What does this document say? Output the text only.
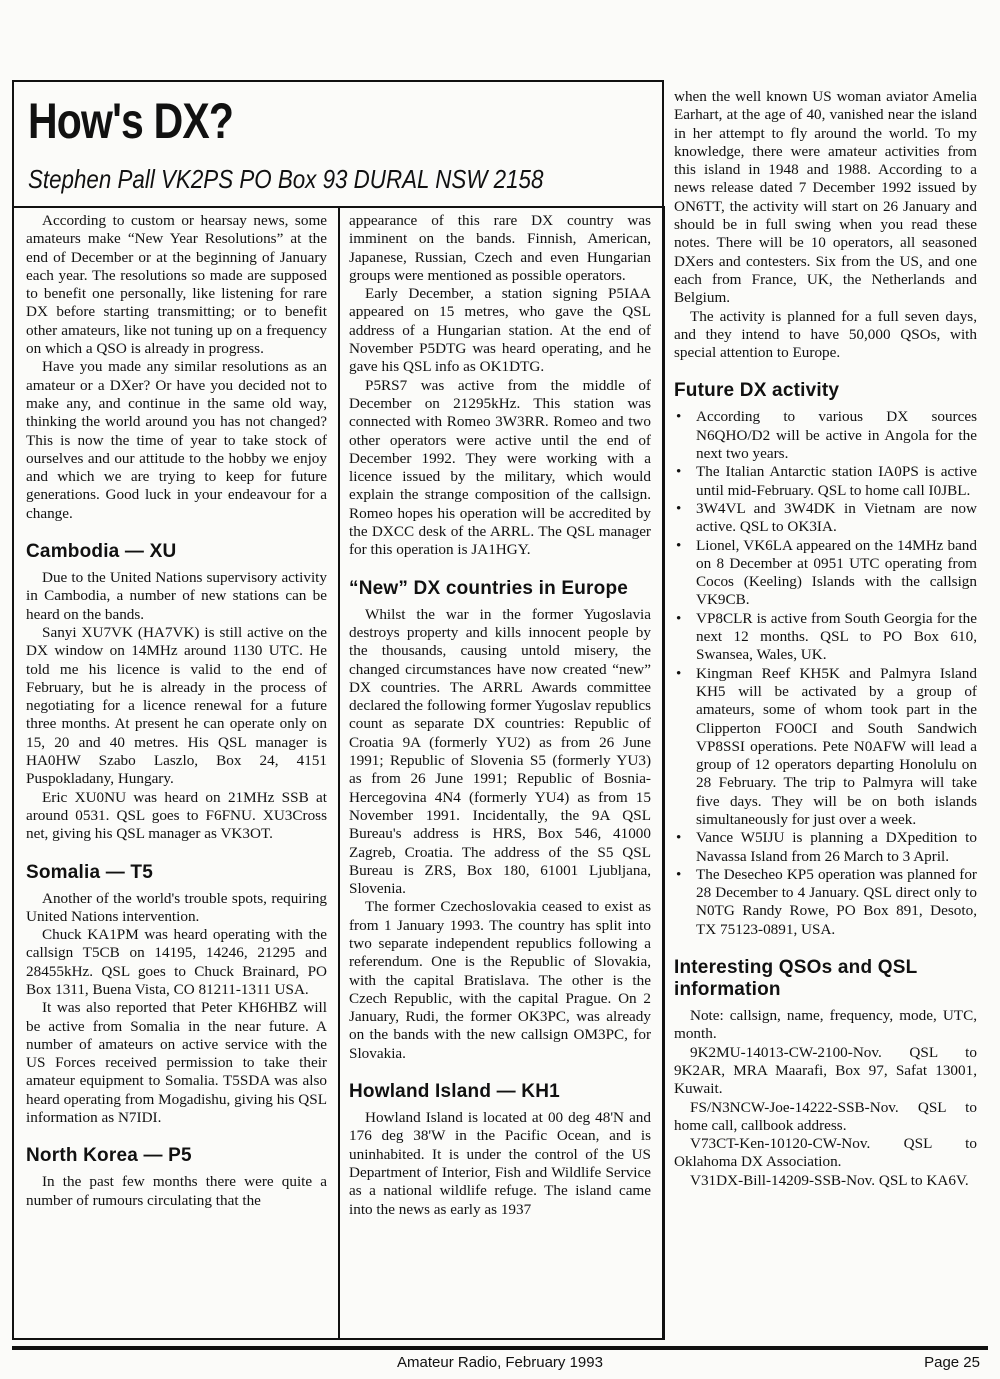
How's DX?
Stephen Pall VK2PS PO Box 93 DURAL NSW 2158

According to custom or hearsay news, some amateurs make “New Year Resolutions” at the end of December or at the beginning of January each year. The resolutions so made are supposed to benefit one personally, like listening for rare DX before starting transmitting; or to benefit other amateurs, like not tuning up on a frequency on which a QSO is already in progress.

Have you made any similar resolutions as an amateur or a DXer? Or have you decided not to make any, and continue in the same old way, thinking the world around you has not changed? This is now the time of year to take stock of ourselves and our attitude to the hobby we enjoy and which we are trying to keep for future generations. Good luck in your endeavour for a change.

Cambodia — XU

Due to the United Nations supervisory activity in Cambodia, a number of new stations can be heard on the bands.

Sanyi XU7VK (HA7VK) is still active on the DX window on 14MHz around 1130 UTC. He told me his licence is valid to the end of February, but he is already in the process of negotiating for a licence renewal for a future three months. At present he can operate only on 15, 20 and 40 metres. His QSL manager is HA0HW Szabo Laszlo, Box 24, 4151 Puspokladany, Hungary.

Eric XU0NU was heard on 21MHz SSB at around 0531. QSL goes to F6FNU. XU3Cross net, giving his QSL manager as VK3OT.

Somalia — T5

Another of the world's trouble spots, requiring United Nations intervention.

Chuck KA1PM was heard operating with the callsign T5CB on 14195, 14246, 21295 and 28455kHz. QSL goes to Chuck Brainard, PO Box 1311, Buena Vista, CO 81211-1311 USA.

It was also reported that Peter KH6HBZ will be active from Somalia in the near future. A number of amateurs on active service with the US Forces received permission to take their amateur equipment to Somalia. T5SDA was also heard operating from Mogadishu, giving his QSL information as N7IDI.

North Korea — P5

In the past few months there were quite a number of rumours circulating that the

appearance of this rare DX country was imminent on the bands. Finnish, American, Japanese, Russian, Czech and even Hungarian groups were mentioned as possible operators.

Early December, a station signing P5IAA appeared on 15 metres, who gave the QSL address of a Hungarian station. At the end of November P5DTG was heard operating, and he gave his QSL info as OK1DTG.

P5RS7 was active from the middle of December on 21295kHz. This station was connected with Romeo 3W3RR. Romeo and two other operators were active until the end of December 1992. They were working with a licence issued by the military, which would explain the strange composition of the callsign. Romeo hopes his operation will be accredited by the DXCC desk of the ARRL. The QSL manager for this operation is JA1HGY.

“New” DX countries in Europe

Whilst the war in the former Yugoslavia destroys property and kills innocent people by the thousands, causing untold misery, the changed circumstances have now created “new” DX countries. The ARRL Awards committee declared the following former Yugoslav republics count as separate DX countries: Republic of Croatia 9A (formerly YU2) as from 26 June 1991; Republic of Slovenia S5 (formerly YU3) as from 26 June 1991; Republic of Bosnia-Hercegovina 4N4 (formerly YU4) as from 15 November 1991. Incidentally, the 9A QSL Bureau's address is HRS, Box 546, 41000 Zagreb, Croatia. The address of the S5 QSL Bureau is ZRS, Box 180, 61001 Ljubljana, Slovenia.

The former Czechoslovakia ceased to exist as from 1 January 1993. The country has split into two separate independent republics following a referendum. One is the Republic of Slovakia, with the capital Bratislava. The other is the Czech Republic, with the capital Prague. On 2 January, Rudi, the former OK3PC, was already on the bands with the new callsign OM3PC, for Slovakia.

Howland Island — KH1

Howland Island is located at 00 deg 48'N and 176 deg 38'W in the Pacific Ocean, and is uninhabited. It is under the control of the US Department of Interior, Fish and Wildlife Service as a national wildlife refuge. The island came into the news as early as 1937

when the well known US woman aviator Amelia Earhart, at the age of 40, vanished near the island in her attempt to fly around the world. To my knowledge, there were amateur activities from this island in 1948 and 1988. According to a news release dated 7 December 1992 issued by ON6TT, the activity will start on 26 January and should be in full swing when you read these notes. There will be 10 operators, all seasoned DXers and contesters. Six from the US, and one each from France, UK, the Netherlands and Belgium.

The activity is planned for a full seven days, and they intend to have 50,000 QSOs, with special attention to Europe.

Future DX activity
• According to various DX sources N6QHO/D2 will be active in Angola for the next two years.
• The Italian Antarctic station IA0PS is active until mid-February. QSL to home call I0JBL.
• 3W4VL and 3W4DK in Vietnam are now active. QSL to OK3IA.
• Lionel, VK6LA appeared on the 14MHz band on 8 December at 0951 UTC operating from Cocos (Keeling) Islands with the callsign VK9CB.
• VP8CLR is active from South Georgia for the next 12 months. QSL to PO Box 610, Swansea, Wales, UK.
• Kingman Reef KH5K and Palmyra Island KH5 will be activated by a group of amateurs, some of whom took part in the Clipperton FO0CI and South Sandwich VP8SSI operations. Pete N0AFW will lead a group of 12 operators departing Honolulu on 28 February. The trip to Palmyra will take five days. They will be on both islands simultaneously for just over a week.
• Vance W5IJU is planning a DXpedition to Navassa Island from 26 March to 3 April.
• The Desecheo KP5 operation was planned for 28 December to 4 January. QSL direct only to N0TG Randy Rowe, PO Box 891, Desoto, TX 75123-0891, USA.
Interesting QSOs and QSL information

Note: callsign, name, frequency, mode, UTC, month.

9K2MU-14013-CW-2100-Nov. QSL to 9K2AR, MRA Maarafi, Box 97, Safat 13001, Kuwait.

FS/N3NCW-Joe-14222-SSB-Nov. QSL to home call, callbook address.

V73CT-Ken-10120-CW-Nov. QSL to Oklahoma DX Association.

V31DX-Bill-14209-SSB-Nov. QSL to KA6V.

Amateur Radio, February 1993	Page 25
